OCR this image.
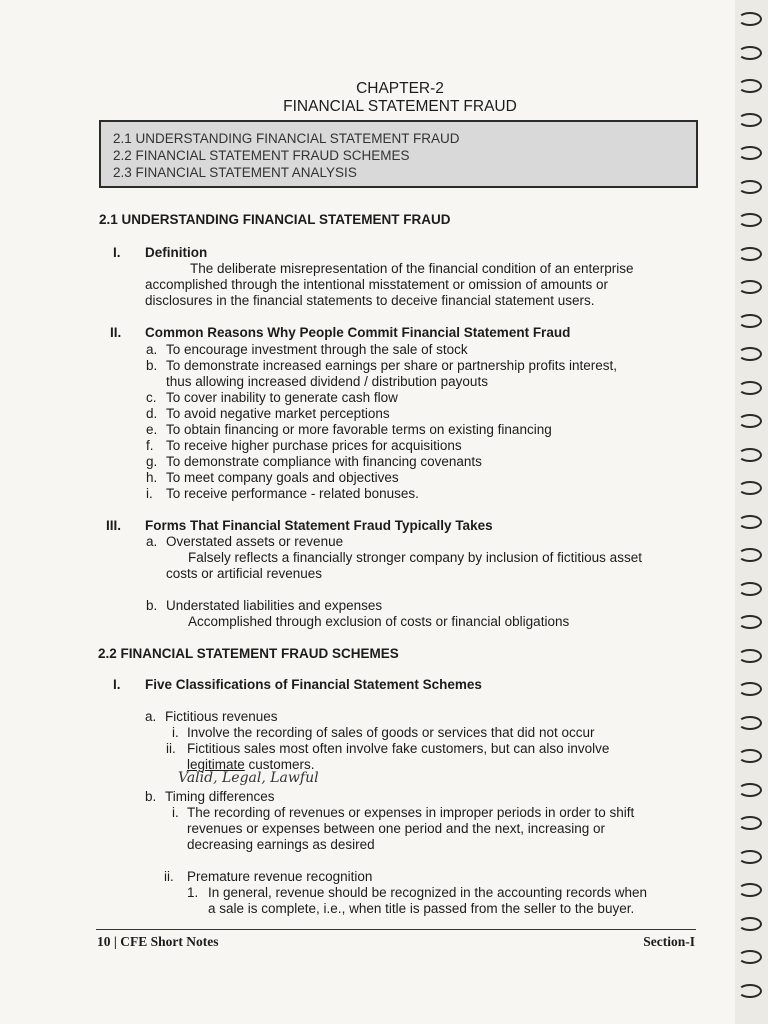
CHAPTER-2
FINANCIAL STATEMENT FRAUD
2.1 UNDERSTANDING FINANCIAL STATEMENT FRAUD
2.2 FINANCIAL STATEMENT FRAUD SCHEMES
2.3 FINANCIAL STATEMENT ANALYSIS
2.1 UNDERSTANDING FINANCIAL STATEMENT FRAUD
I. Definition
The deliberate misrepresentation of the financial condition of an enterprise
accomplished through the intentional misstatement or omission of amounts or
disclosures in the financial statements to deceive financial statement users.
II. Common Reasons Why People Commit Financial Statement Fraud
a. To encourage investment through the sale of stock
b. To demonstrate increased earnings per share or partnership profits interest,
thus allowing increased dividend / distribution payouts
c. To cover inability to generate cash flow
d. To avoid negative market perceptions
e. To obtain financing or more favorable terms on existing financing
f. To receive higher purchase prices for acquisitions
g. To demonstrate compliance with financing covenants
h. To meet company goals and objectives
i. To receive performance - related bonuses.
III. Forms That Financial Statement Fraud Typically Takes
a. Overstated assets or revenue
Falsely reflects a financially stronger company by inclusion of fictitious asset
costs or artificial revenues
b. Understated liabilities and expenses
Accomplished through exclusion of costs or financial obligations
2.2 FINANCIAL STATEMENT FRAUD SCHEMES
I. Five Classifications of Financial Statement Schemes
a. Fictitious revenues
i. Involve the recording of sales of goods or services that did not occur
ii. Fictitious sales most often involve fake customers, but can also involve
legitimate customers.
Valid, Legal, Lawful
b. Timing differences
i. The recording of revenues or expenses in improper periods in order to shift
revenues or expenses between one period and the next, increasing or
decreasing earnings as desired
ii. Premature revenue recognition
1. In general, revenue should be recognized in the accounting records when
a sale is complete, i.e., when title is passed from the seller to the buyer.
10 | CFE Short Notes	Section-I
